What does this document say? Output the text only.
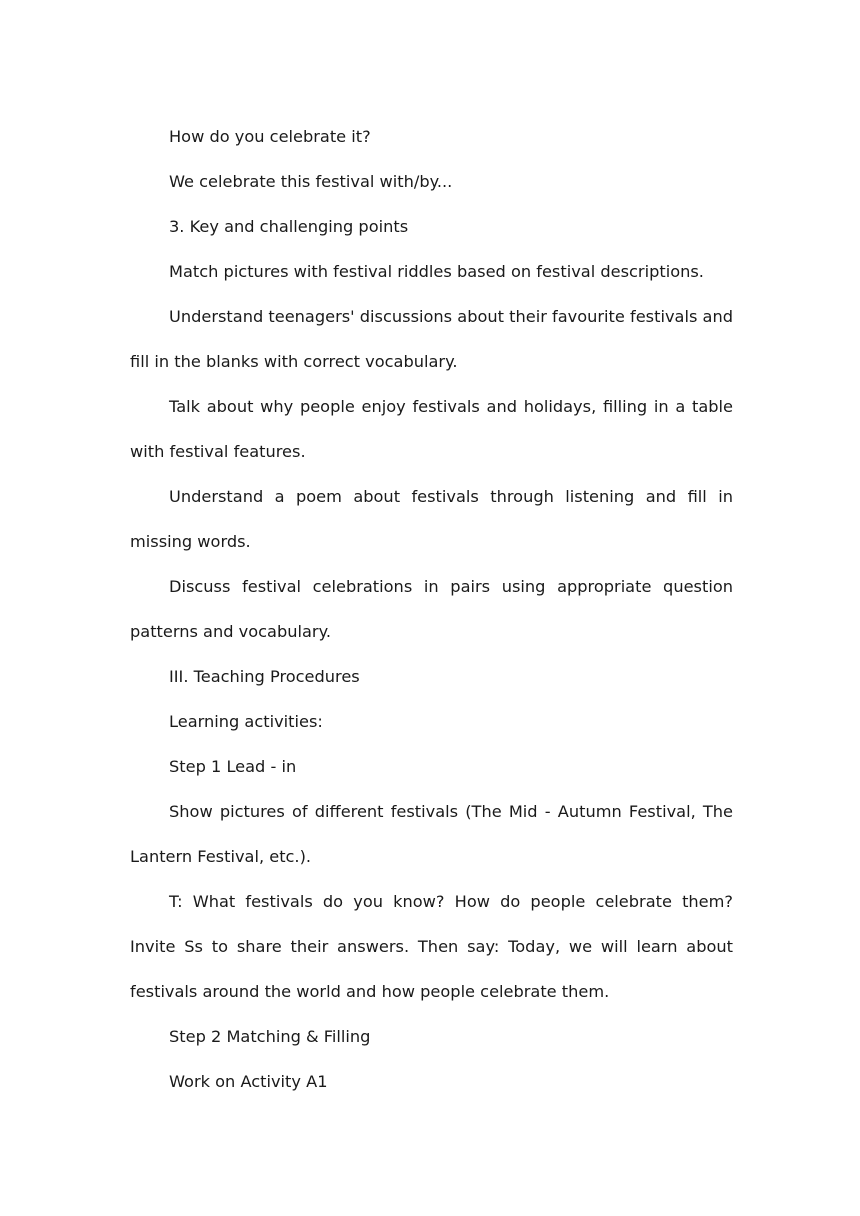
How do you celebrate it?

We celebrate this festival with/by...

3. Key and challenging points

Match pictures with festival riddles based on festival descriptions.

Understand teenagers' discussions about their favourite festivals and fill in the blanks with correct vocabulary.

Talk about why people enjoy festivals and holidays, filling in a table with festival features.

Understand a poem about festivals through listening and fill in missing words.

Discuss festival celebrations in pairs using appropriate question patterns and vocabulary.

III. Teaching Procedures

Learning activities:

Step 1 Lead - in

Show pictures of different festivals (The Mid - Autumn Festival, The Lantern Festival, etc.).

T: What festivals do you know? How do people celebrate them? Invite Ss to share their answers. Then say: Today, we will learn about festivals around the world and how people celebrate them.

Step 2 Matching & Filling

Work on Activity A1
